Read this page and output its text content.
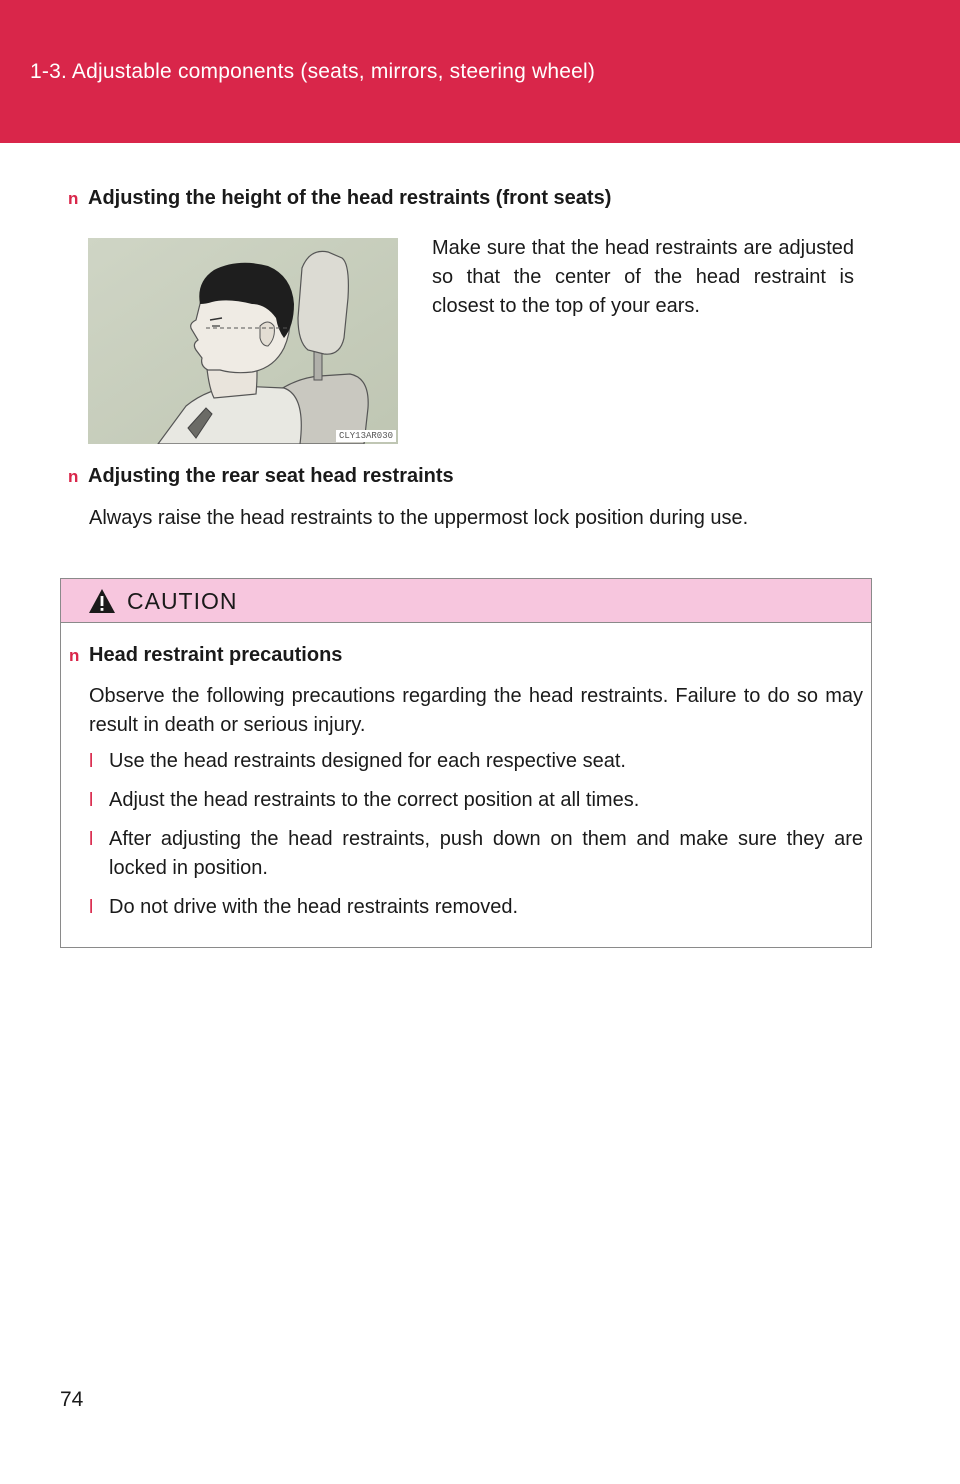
1-3. Adjustable components (seats, mirrors, steering wheel)
n Adjusting the height of the head restraints (front seats)
CLY13AR030
Make sure that the head restraints are adjusted so that the center of the head restraint is closest to the top of your ears.
n Adjusting the rear seat head restraints
Always raise the head restraints to the uppermost lock position during use.
CAUTION
n Head restraint precautions
Observe the following precautions regarding the head restraints. Failure to do so may result in death or serious injury.
l Use the head restraints designed for each respective seat.
l Adjust the head restraints to the correct position at all times.
l After adjusting the head restraints, push down on them and make sure they are locked in position.
l Do not drive with the head restraints removed.
74
